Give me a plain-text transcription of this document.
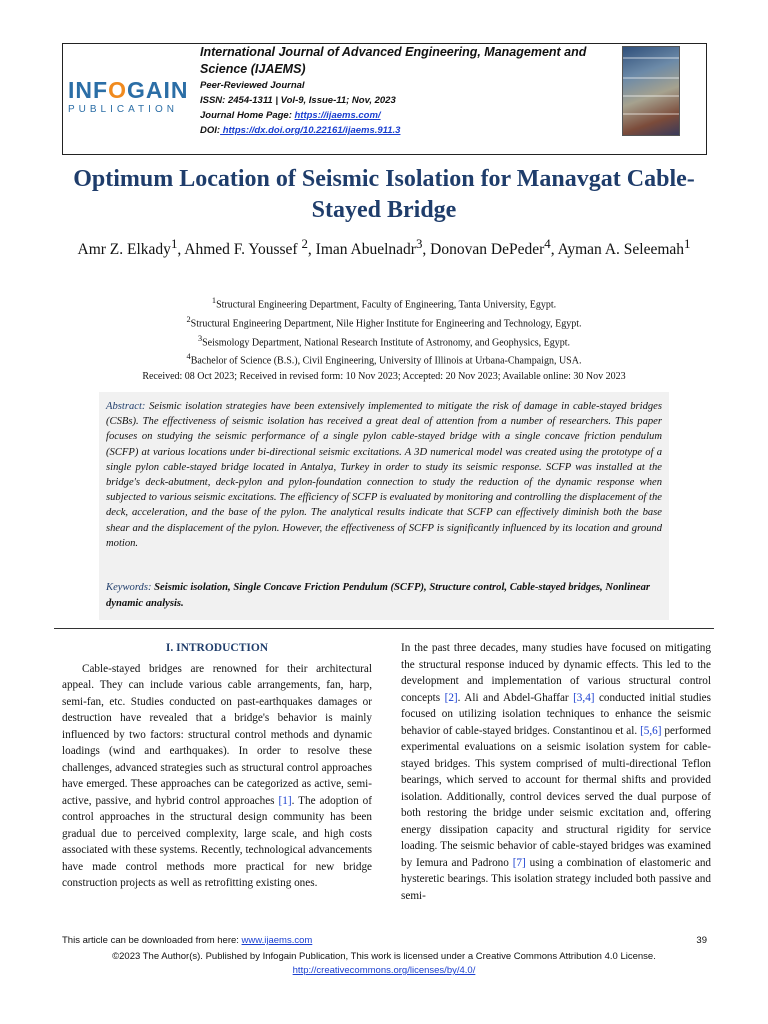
INFOGAIN
PUBLICATION
International Journal of Advanced Engineering, Management and Science (IJAEMS)
Peer-Reviewed Journal
ISSN: 2454-1311 | Vol-9, Issue-11; Nov, 2023
Journal Home Page: https://ijaems.com/
DOI: https://dx.doi.org/10.22161/ijaems.911.3
Optimum Location of Seismic Isolation for Manavgat Cable-Stayed Bridge
Amr Z. Elkady$^1$, Ahmed F. Youssef $^2$, Iman Abuelnadr$^3$, Donovan DePeder$^4$, Ayman A. Seleemah$^1$
$^1$Structural Engineering Department, Faculty of Engineering, Tanta University, Egypt.
$^2$Structural Engineering Department, Nile Higher Institute for Engineering and Technology, Egypt.
$^3$Seismology Department, National Research Institute of Astronomy, and Geophysics, Egypt.
$^4$Bachelor of Science (B.S.), Civil Engineering, University of Illinois at Urbana-Champaign, USA.
Received: 08 Oct 2023; Received in revised form: 10 Nov 2023; Accepted: 20 Nov 2023; Available online: 30 Nov 2023
Abstract: Seismic isolation strategies have been extensively implemented to mitigate the risk of damage in cable-stayed bridges (CSBs). The effectiveness of seismic isolation has received a great deal of attention from a number of researchers. This paper focuses on studying the seismic performance of a single pylon cable-stayed bridge with a single concave friction pendulum (SCFP) at various locations under bi-directional seismic excitations. A 3D numerical model was created using the prototype of a single pylon cable-stayed bridge located in Antalya, Turkey in order to study its seismic response. SCFP was installed at the bridge's deck-abutment, deck-pylon and pylon-foundation connection to study the reduction of the dynamic response when subjected to various seismic excitations. The efficiency of SCFP is evaluated by monitoring and controlling the displacement of the deck, acceleration, and the base of the pylon. The analytical results indicate that SCFP can effectively diminish both the base shear and the displacement of the pylon. However, the effectiveness of SCFP is significantly influenced by its location and ground motion.
Keywords: Seismic isolation, Single Concave Friction Pendulum (SCFP), Structure control, Cable-stayed bridges, Nonlinear dynamic analysis.
I. INTRODUCTION

Cable-stayed bridges are renowned for their architectural appeal. They can include various cable arrangements, fan, harp, semi-fan, etc. Studies conducted on past-earthquakes damages or destruction have revealed that a bridge's behavior is mainly influenced by two factors: structural control methods and dynamic loadings (wind and earthquakes). In order to resolve these challenges, advanced strategies such as structural control approaches have emerged. These approaches can be categorized as active, semi-active, passive, and hybrid control approaches [1]. The adoption of control approaches in the structural design community has been gradual due to perceived complexity, large scale, and high costs associated with these systems. Recently, technological advancements have made control methods more practical for new bridge construction projects as well as retrofitting existing ones.

In the past three decades, many studies have focused on mitigating the structural response induced by dynamic effects. This led to the development and implementation of various structural control concepts [2]. Ali and Abdel-Ghaffar [3,4] conducted initial studies focused on utilizing isolation techniques to enhance the seismic behavior of cable-stayed bridges. Constantinou et al. [5,6] performed experimental evaluations on a seismic isolation system for cable-stayed bridges. This system comprised of multi-directional Teflon bearings, which served to account for thermal shifts and provided isolation. Additionally, control devices served the dual purpose of both restoring the bridge under seismic excitation and, offering energy dissipation capacity and structural rigidity for service loading. The seismic behavior of cable-stayed bridges was examined by Iemura and Padrono [7] using a combination of elastomeric and hysteretic bearings. This isolation strategy included both passive and semi-

This article can be downloaded from here: www.ijaems.com	39
©2023 The Author(s). Published by Infogain Publication, This work is licensed under a Creative Commons Attribution 4.0 License.
http://creativecommons.org/licenses/by/4.0/
